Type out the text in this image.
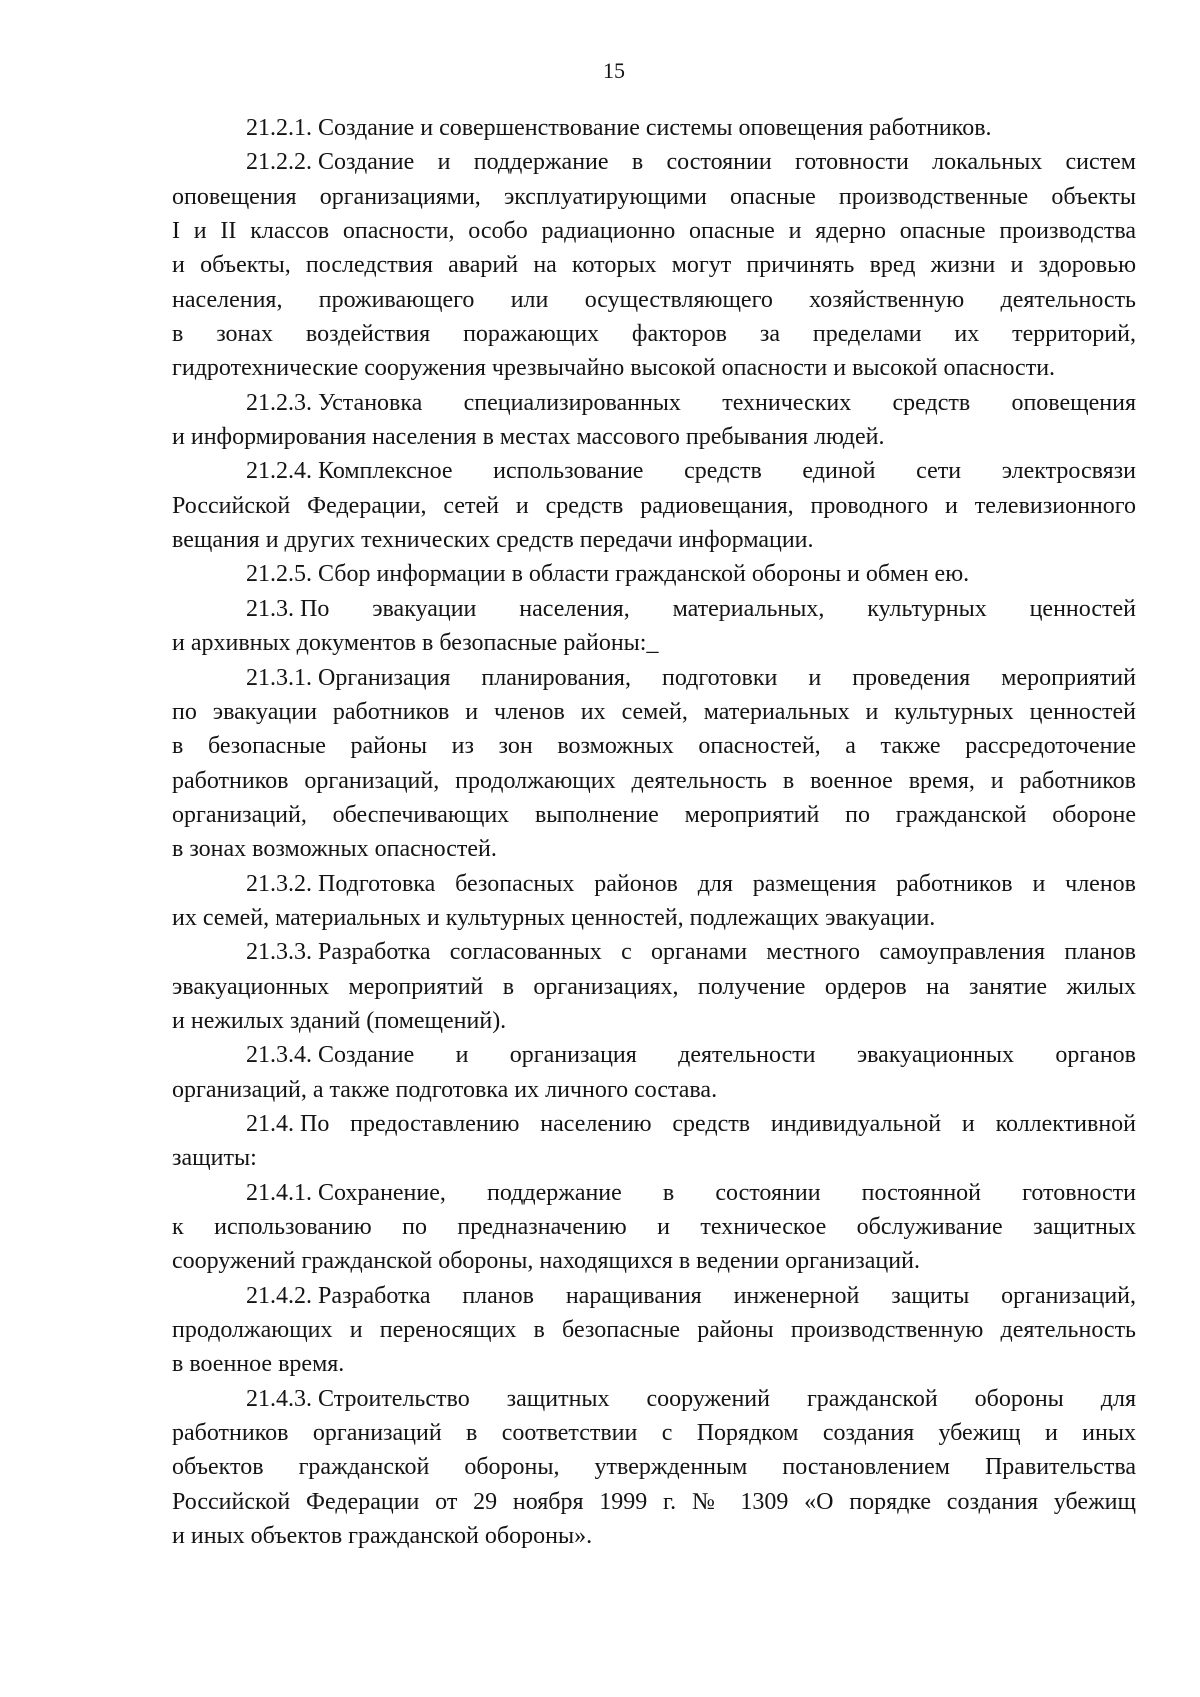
15
21.2.1. Создание и совершенствование системы оповещения работников.
21.2.2. Создание и поддержание в состоянии готовности локальных систем
оповещения организациями, эксплуатирующими опасные производственные объекты
I и II классов опасности, особо радиационно опасные и ядерно опасные производства
и объекты, последствия аварий на которых могут причинять вред жизни и здоровью
населения, проживающего или осуществляющего хозяйственную деятельность
в зонах воздействия поражающих факторов за пределами их территорий,
гидротехнические сооружения чрезвычайно высокой опасности и высокой опасности.
21.2.3. Установка специализированных технических средств оповещения
и информирования населения в местах массового пребывания людей.
21.2.4. Комплексное использование средств единой сети электросвязи
Российской Федерации, сетей и средств радиовещания, проводного и телевизионного
вещания и других технических средств передачи информации.
21.2.5. Сбор информации в области гражданской обороны и обмен ею.
21.3. По эвакуации населения, материальных, культурных ценностей
и архивных документов в безопасные районы:_
21.3.1. Организация планирования, подготовки и проведения мероприятий
по эвакуации работников и членов их семей, материальных и культурных ценностей
в безопасные районы из зон возможных опасностей, а также рассредоточение
работников организаций, продолжающих деятельность в военное время, и работников
организаций, обеспечивающих выполнение мероприятий по гражданской обороне
в зонах возможных опасностей.
21.3.2. Подготовка безопасных районов для размещения работников и членов
их семей, материальных и культурных ценностей, подлежащих эвакуации.
21.3.3. Разработка согласованных с органами местного самоуправления планов
эвакуационных мероприятий в организациях, получение ордеров на занятие жилых
и нежилых зданий (помещений).
21.3.4. Создание и организация деятельности эвакуационных органов
организаций, а также подготовка их личного состава.
21.4. По предоставлению населению средств индивидуальной и коллективной
защиты:
21.4.1. Сохранение, поддержание в состоянии постоянной готовности
к использованию по предназначению и техническое обслуживание защитных
сооружений гражданской обороны, находящихся в ведении организаций.
21.4.2. Разработка планов наращивания инженерной защиты организаций,
продолжающих и переносящих в безопасные районы производственную деятельность
в военное время.
21.4.3. Строительство защитных сооружений гражданской обороны для
работников организаций в соответствии с Порядком создания убежищ и иных
объектов гражданской обороны, утвержденным постановлением Правительства
Российской Федерации от 29 ноября 1999 г. № 1309 «О порядке создания убежищ
и иных объектов гражданской обороны».
